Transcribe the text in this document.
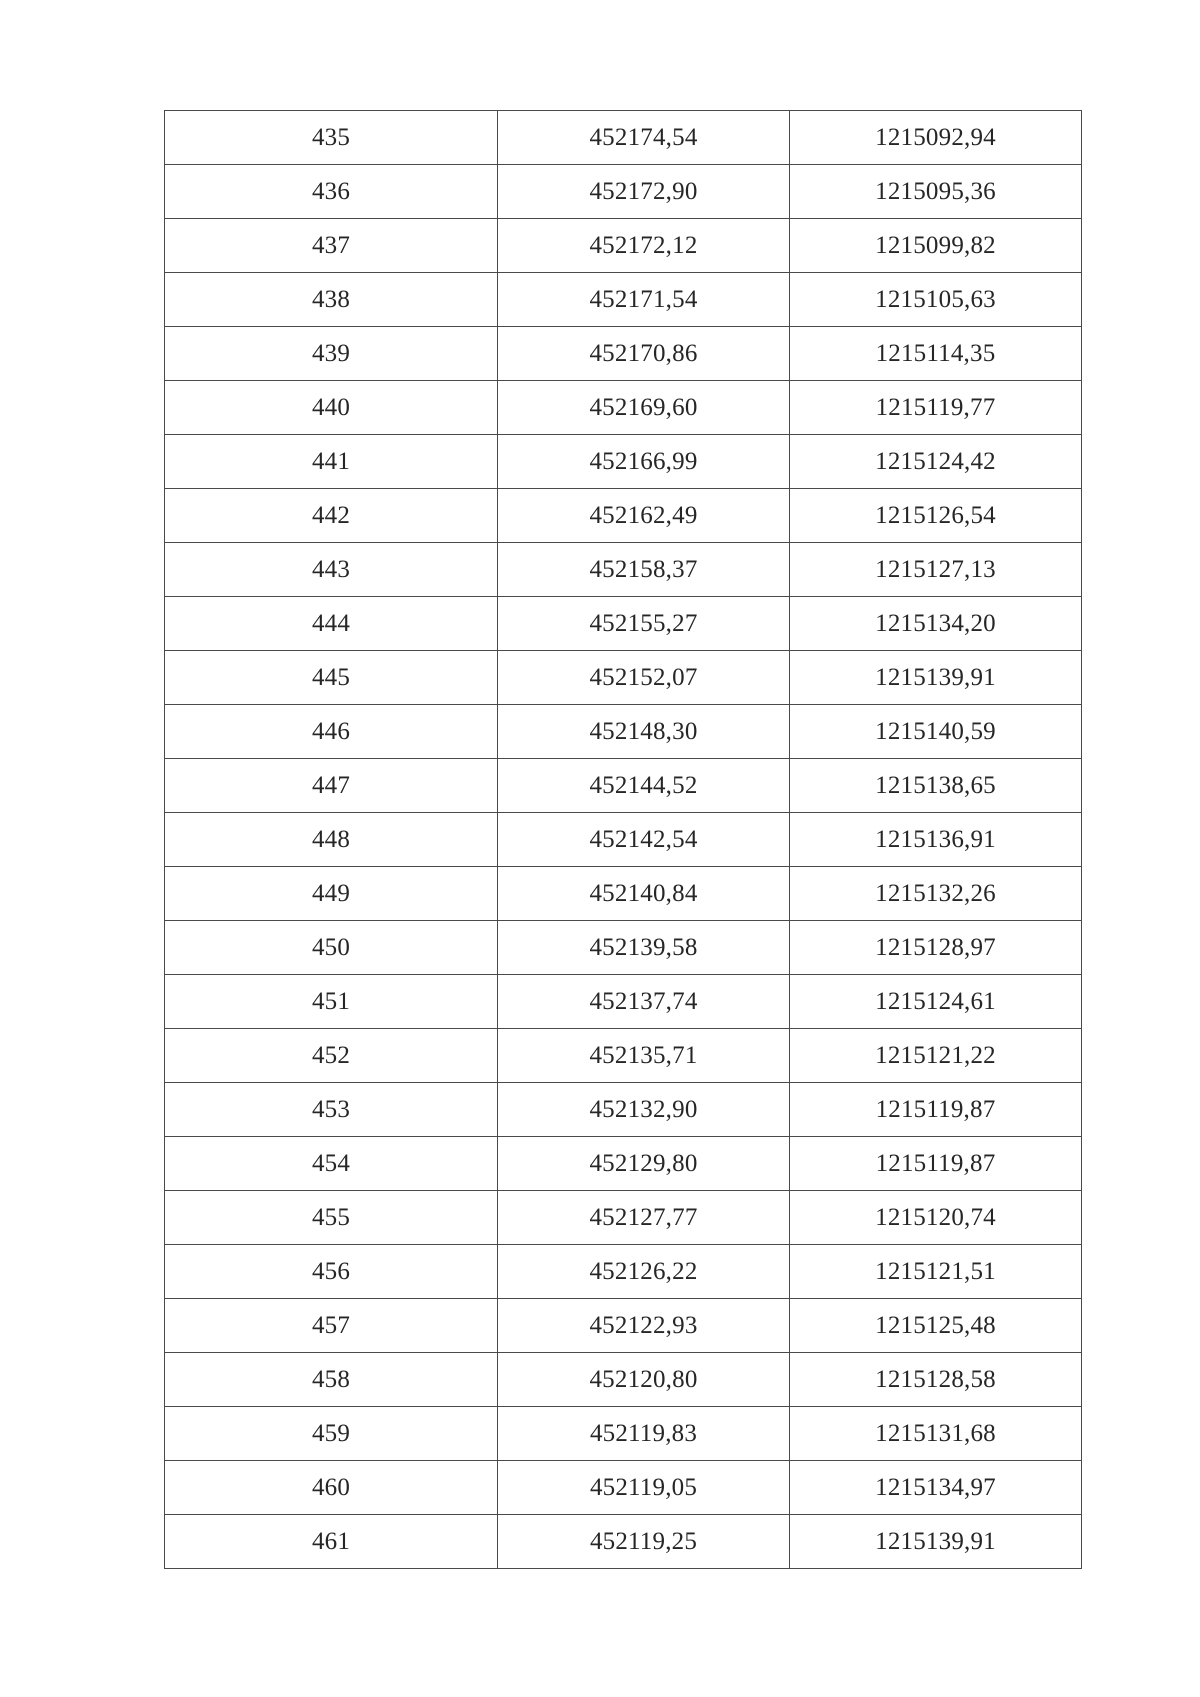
435	452174,54	1215092,94
436	452172,90	1215095,36
437	452172,12	1215099,82
438	452171,54	1215105,63
439	452170,86	1215114,35
440	452169,60	1215119,77
441	452166,99	1215124,42
442	452162,49	1215126,54
443	452158,37	1215127,13
444	452155,27	1215134,20
445	452152,07	1215139,91
446	452148,30	1215140,59
447	452144,52	1215138,65
448	452142,54	1215136,91
449	452140,84	1215132,26
450	452139,58	1215128,97
451	452137,74	1215124,61
452	452135,71	1215121,22
453	452132,90	1215119,87
454	452129,80	1215119,87
455	452127,77	1215120,74
456	452126,22	1215121,51
457	452122,93	1215125,48
458	452120,80	1215128,58
459	452119,83	1215131,68
460	452119,05	1215134,97
461	452119,25	1215139,91
